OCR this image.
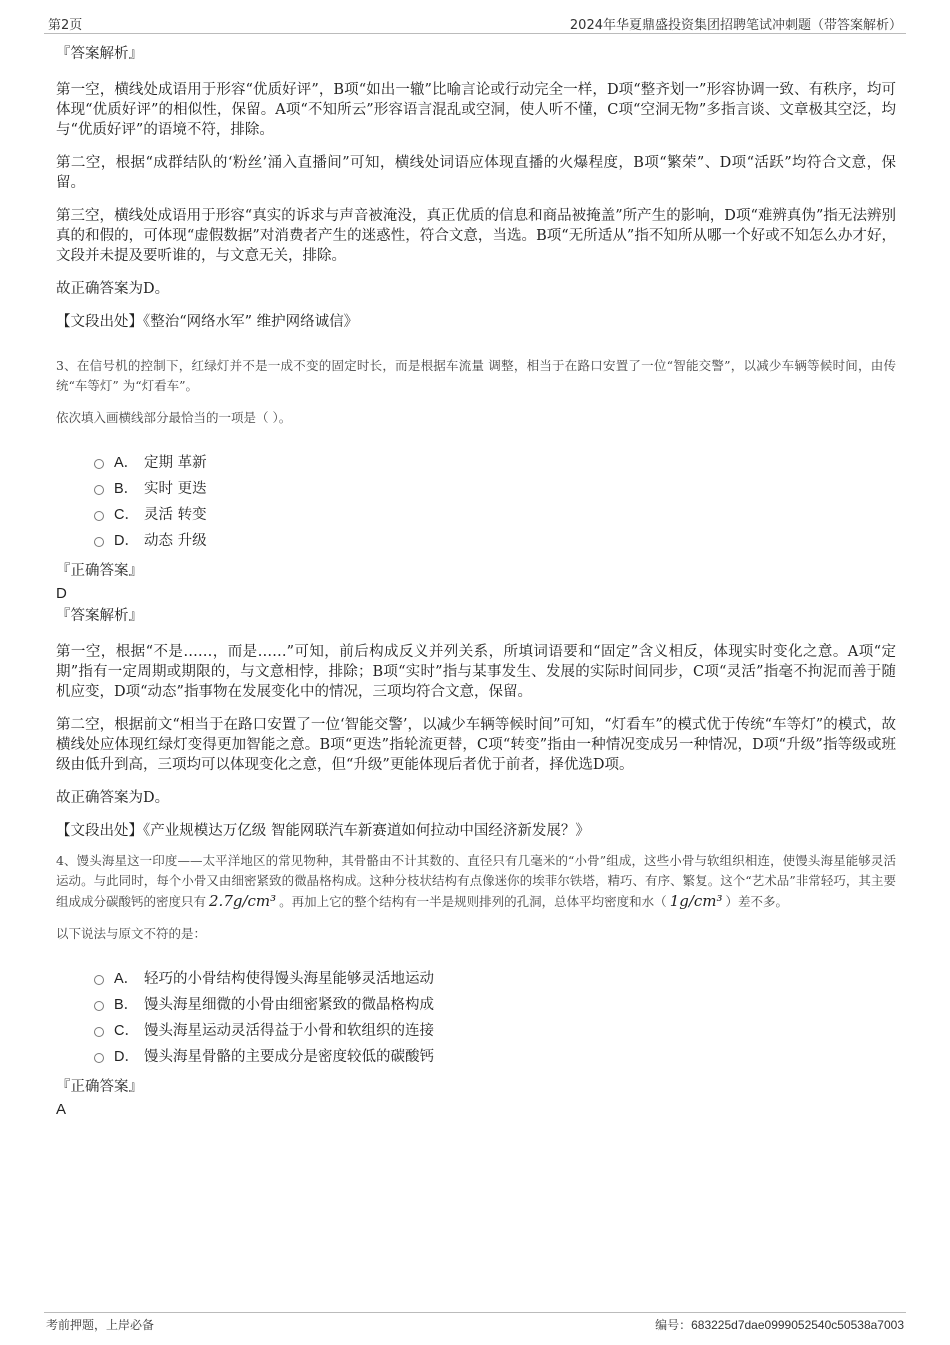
第2页	2024年华夏鼎盛投资集团招聘笔试冲刺题（带答案解析）
『答案解析』

第一空，横线处成语用于形容“优质好评”，B项“如出一辙”比喻言论或行动完全一样，D项“整齐划一”形容协调一致、有秩序，均可体现“优质好评”的相似性，保留。A项“不知所云”形容语言混乱或空洞，使人听不懂，C项“空洞无物”多指言谈、文章极其空泛，均与“优质好评”的语境不符，排除。

第二空，根据“成群结队的‘粉丝’涌入直播间”可知，横线处词语应体现直播的火爆程度，B项“繁荣”、D项“活跃”均符合文意，保留。

第三空，横线处成语用于形容“真实的诉求与声音被淹没，真正优质的信息和商品被掩盖”所产生的影响，D项“难辨真伪”指无法辨别真的和假的，可体现“虚假数据”对消费者产生的迷惑性，符合文意，当选。B项“无所适从”指不知所从哪一个好或不知怎么办才好，文段并未提及要听谁的，与文意无关，排除。

故正确答案为D。

【文段出处】《整治“网络水军” 维护网络诚信》

3、在信号机的控制下，红绿灯并不是一成不变的固定时长，而是根据车流量 调整，相当于在路口安置了一位“智能交警”，以减少车辆等候时间，由传统“车等灯” 为“灯看车”。
依次填入画横线部分最恰当的一项是（ ）。
A． 定期 革新
B． 实时 更迭
C． 灵活 转变
D． 动态 升级
『正确答案』
D
『答案解析』

第一空，根据“不是……，而是……”可知，前后构成反义并列关系，所填词语要和“固定”含义相反，体现实时变化之意。A项“定期”指有一定周期或期限的，与文意相悖，排除；B项“实时”指与某事发生、发展的实际时间同步，C项“灵活”指毫不拘泥而善于随机应变，D项“动态”指事物在发展变化中的情况，三项均符合文意，保留。

第二空，根据前文“相当于在路口安置了一位‘智能交警’，以减少车辆等候时间”可知，“灯看车”的模式优于传统“车等灯”的模式，故横线处应体现红绿灯变得更加智能之意。B项“更迭”指轮流更替，C项“转变”指由一种情况变成另一种情况，D项“升级”指等级或班级由低升到高，三项均可以体现变化之意，但“升级”更能体现后者优于前者，择优选D项。

故正确答案为D。

【文段出处】《产业规模达万亿级 智能网联汽车新赛道如何拉动中国经济新发展？》

4、馒头海星这一印度——太平洋地区的常见物种，其骨骼由不计其数的、直径只有几毫米的“小骨”组成，这些小骨与软组织相连，使馒头海星能够灵活运动。与此同时，每个小骨又由细密紧致的微晶格构成。这种分枝状结构有点像迷你的埃菲尔铁塔，精巧、有序、繁复。这个“艺术品”非常轻巧，其主要组成成分碳酸钙的密度只有 2.7g/cm³ 。再加上它的整个结构有一半是规则排列的孔洞，总体平均密度和水（ 1g/cm³ ）差不多。
以下说法与原文不符的是：
A． 轻巧的小骨结构使得馒头海星能够灵活地运动
B． 馒头海星细微的小骨由细密紧致的微晶格构成
C． 馒头海星运动灵活得益于小骨和软组织的连接
D． 馒头海星骨骼的主要成分是密度较低的碳酸钙
『正确答案』
A
考前押题，上岸必备	编号：683225d7dae0999052540c50538a7003
